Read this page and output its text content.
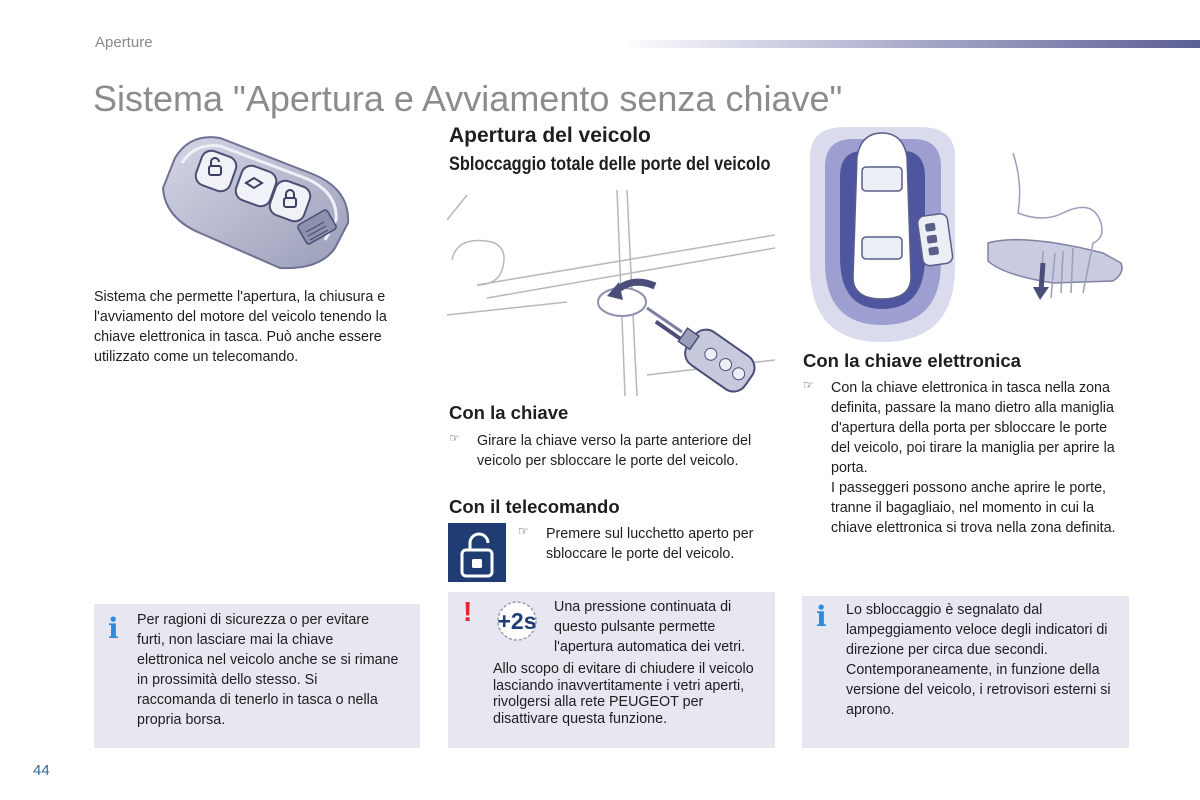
Aperture
Sistema "Apertura e Avviamento senza chiave"
Sistema che permette l'apertura, la chiusura e l'avviamento del motore del veicolo tenendo la chiave elettronica in tasca. Può anche essere utilizzato come un telecomando.
i Per ragioni di sicurezza o per evitare furti, non lasciare mai la chiave elettronica nel veicolo anche se si rimane in prossimità dello stesso. Si raccomanda di tenerlo in tasca o nella propria borsa.
Apertura del veicolo
Sbloccaggio totale delle porte del veicolo
Con la chiave
☞ Girare la chiave verso la parte anteriore del veicolo per sbloccare le porte del veicolo.
Con il telecomando
☞ Premere sul lucchetto aperto per sbloccare le porte del veicolo.
!	+2s
Una pressione continuata di questo pulsante permette l'apertura automatica dei vetri.
Allo scopo di evitare di chiudere il veicolo lasciando inavvertitamente i vetri aperti, rivolgersi alla rete PEUGEOT per disattivare questa funzione.
Con la chiave elettronica
☞ Con la chiave elettronica in tasca nella zona definita, passare la mano dietro alla maniglia d'apertura della porta per sbloccare le porte del veicolo, poi tirare la maniglia per aprire la porta.
I passeggeri possono anche aprire le porte, tranne il bagagliaio, nel momento in cui la chiave elettronica si trova nella zona definita.
i Lo sbloccaggio è segnalato dal lampeggiamento veloce degli indicatori di direzione per circa due secondi. Contemporaneamente, in funzione della versione del veicolo, i retrovisori esterni si aprono.
44
